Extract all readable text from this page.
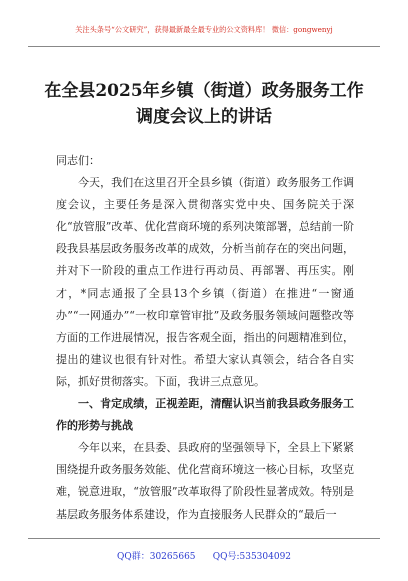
关注头条号“公文研究”，获得最新最全最专业的公文资料库！ 微信：gongwenyj
在全县2025年乡镇（街道）政务服务工作调度会议上的讲话

同志们：

今天，我们在这里召开全县乡镇（街道）政务服务工作调度会议，主要任务是深入贯彻落实党中央、国务院关于深化“放管服”改革、优化营商环境的系列决策部署，总结前一阶段我县基层政务服务改革的成效，分析当前存在的突出问题，并对下一阶段的重点工作进行再动员、再部署、再压实。刚才，*同志通报了全县13个乡镇（街道）在推进“一窗通办”“一网通办”“一枚印章管审批”及政务服务领域问题整改等方面的工作进展情况，报告客观全面，指出的问题精准到位，提出的建议也很有针对性。希望大家认真领会，结合各自实际，抓好贯彻落实。下面，我讲三点意见。

一、肯定成绩，正视差距，清醒认识当前我县政务服务工作的形势与挑战

今年以来，在县委、县政府的坚强领导下，全县上下紧紧围绕提升政务服务效能、优化营商环境这一核心目标，攻坚克难，锐意进取，“放管服”改革取得了阶段性显著成效。特别是基层政务服务体系建设，作为直接服务人民群众的“最后一

QQ群：30265665      QQ号:535304092
